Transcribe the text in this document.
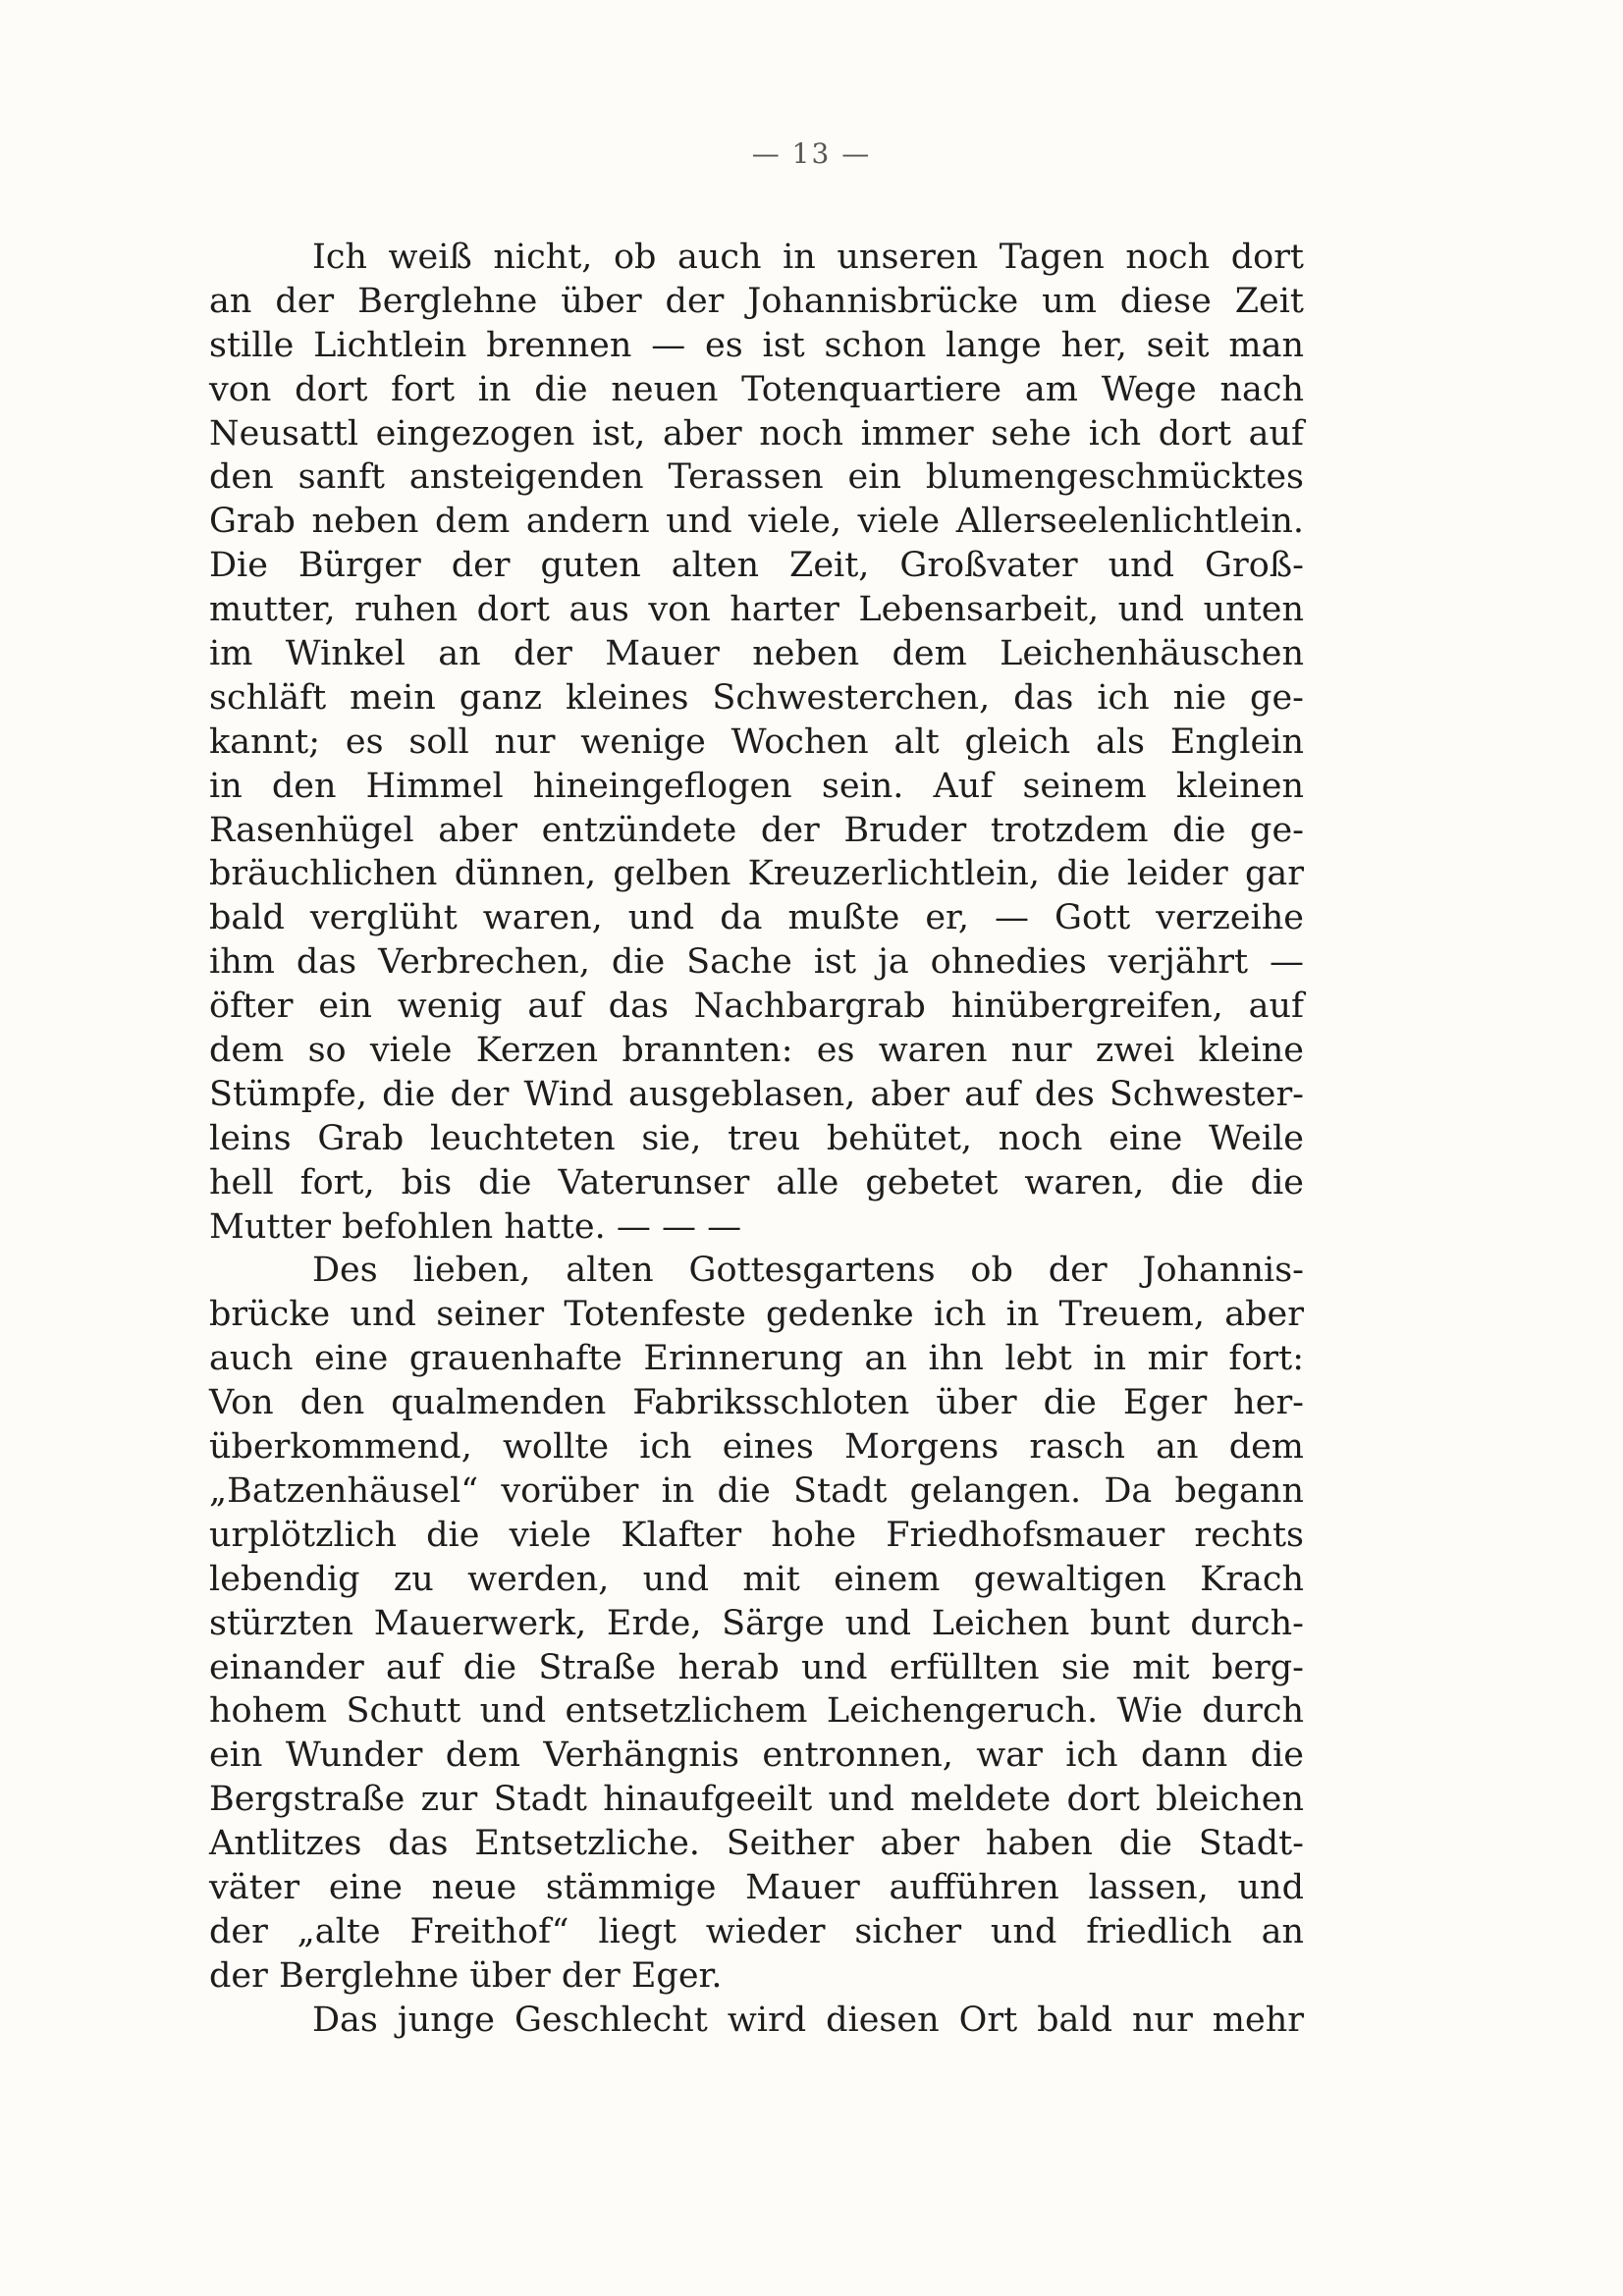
— 13 —
Ich weiß nicht, ob auch in unseren Tagen noch dort
an der Berglehne über der Johannisbrücke um diese Zeit
stille Lichtlein brennen — es ist schon lange her, seit man
von dort fort in die neuen Totenquartiere am Wege nach
Neusattl eingezogen ist, aber noch immer sehe ich dort auf
den sanft ansteigenden Terassen ein blumengeschmücktes
Grab neben dem andern und viele, viele Allerseelenlichtlein.
Die Bürger der guten alten Zeit, Großvater und Groß-
mutter, ruhen dort aus von harter Lebensarbeit, und unten
im Winkel an der Mauer neben dem Leichenhäuschen
schläft mein ganz kleines Schwesterchen, das ich nie ge-
kannt; es soll nur wenige Wochen alt gleich als Englein
in den Himmel hineingeflogen sein. Auf seinem kleinen
Rasenhügel aber entzündete der Bruder trotzdem die ge-
bräuchlichen dünnen, gelben Kreuzerlichtlein, die leider gar
bald verglüht waren, und da mußte er, — Gott verzeihe
ihm das Verbrechen, die Sache ist ja ohnedies verjährt —
öfter ein wenig auf das Nachbargrab hinübergreifen, auf
dem so viele Kerzen brannten: es waren nur zwei kleine
Stümpfe, die der Wind ausgeblasen, aber auf des Schwester-
leins Grab leuchteten sie, treu behütet, noch eine Weile
hell fort, bis die Vaterunser alle gebetet waren, die die
Mutter befohlen hatte. — — —
Des lieben, alten Gottesgartens ob der Johannis-
brücke und seiner Totenfeste gedenke ich in Treuem, aber
auch eine grauenhafte Erinnerung an ihn lebt in mir fort:
Von den qualmenden Fabriksschloten über die Eger her-
überkommend, wollte ich eines Morgens rasch an dem
„Batzenhäusel“ vorüber in die Stadt gelangen. Da begann
urplötzlich die viele Klafter hohe Friedhofsmauer rechts
lebendig zu werden, und mit einem gewaltigen Krach
stürzten Mauerwerk, Erde, Särge und Leichen bunt durch-
einander auf die Straße herab und erfüllten sie mit berg-
hohem Schutt und entsetzlichem Leichengeruch. Wie durch
ein Wunder dem Verhängnis entronnen, war ich dann die
Bergstraße zur Stadt hinaufgeeilt und meldete dort bleichen
Antlitzes das Entsetzliche. Seither aber haben die Stadt-
väter eine neue stämmige Mauer aufführen lassen, und
der „alte Freithof“ liegt wieder sicher und friedlich an
der Berglehne über der Eger.
Das junge Geschlecht wird diesen Ort bald nur mehr
